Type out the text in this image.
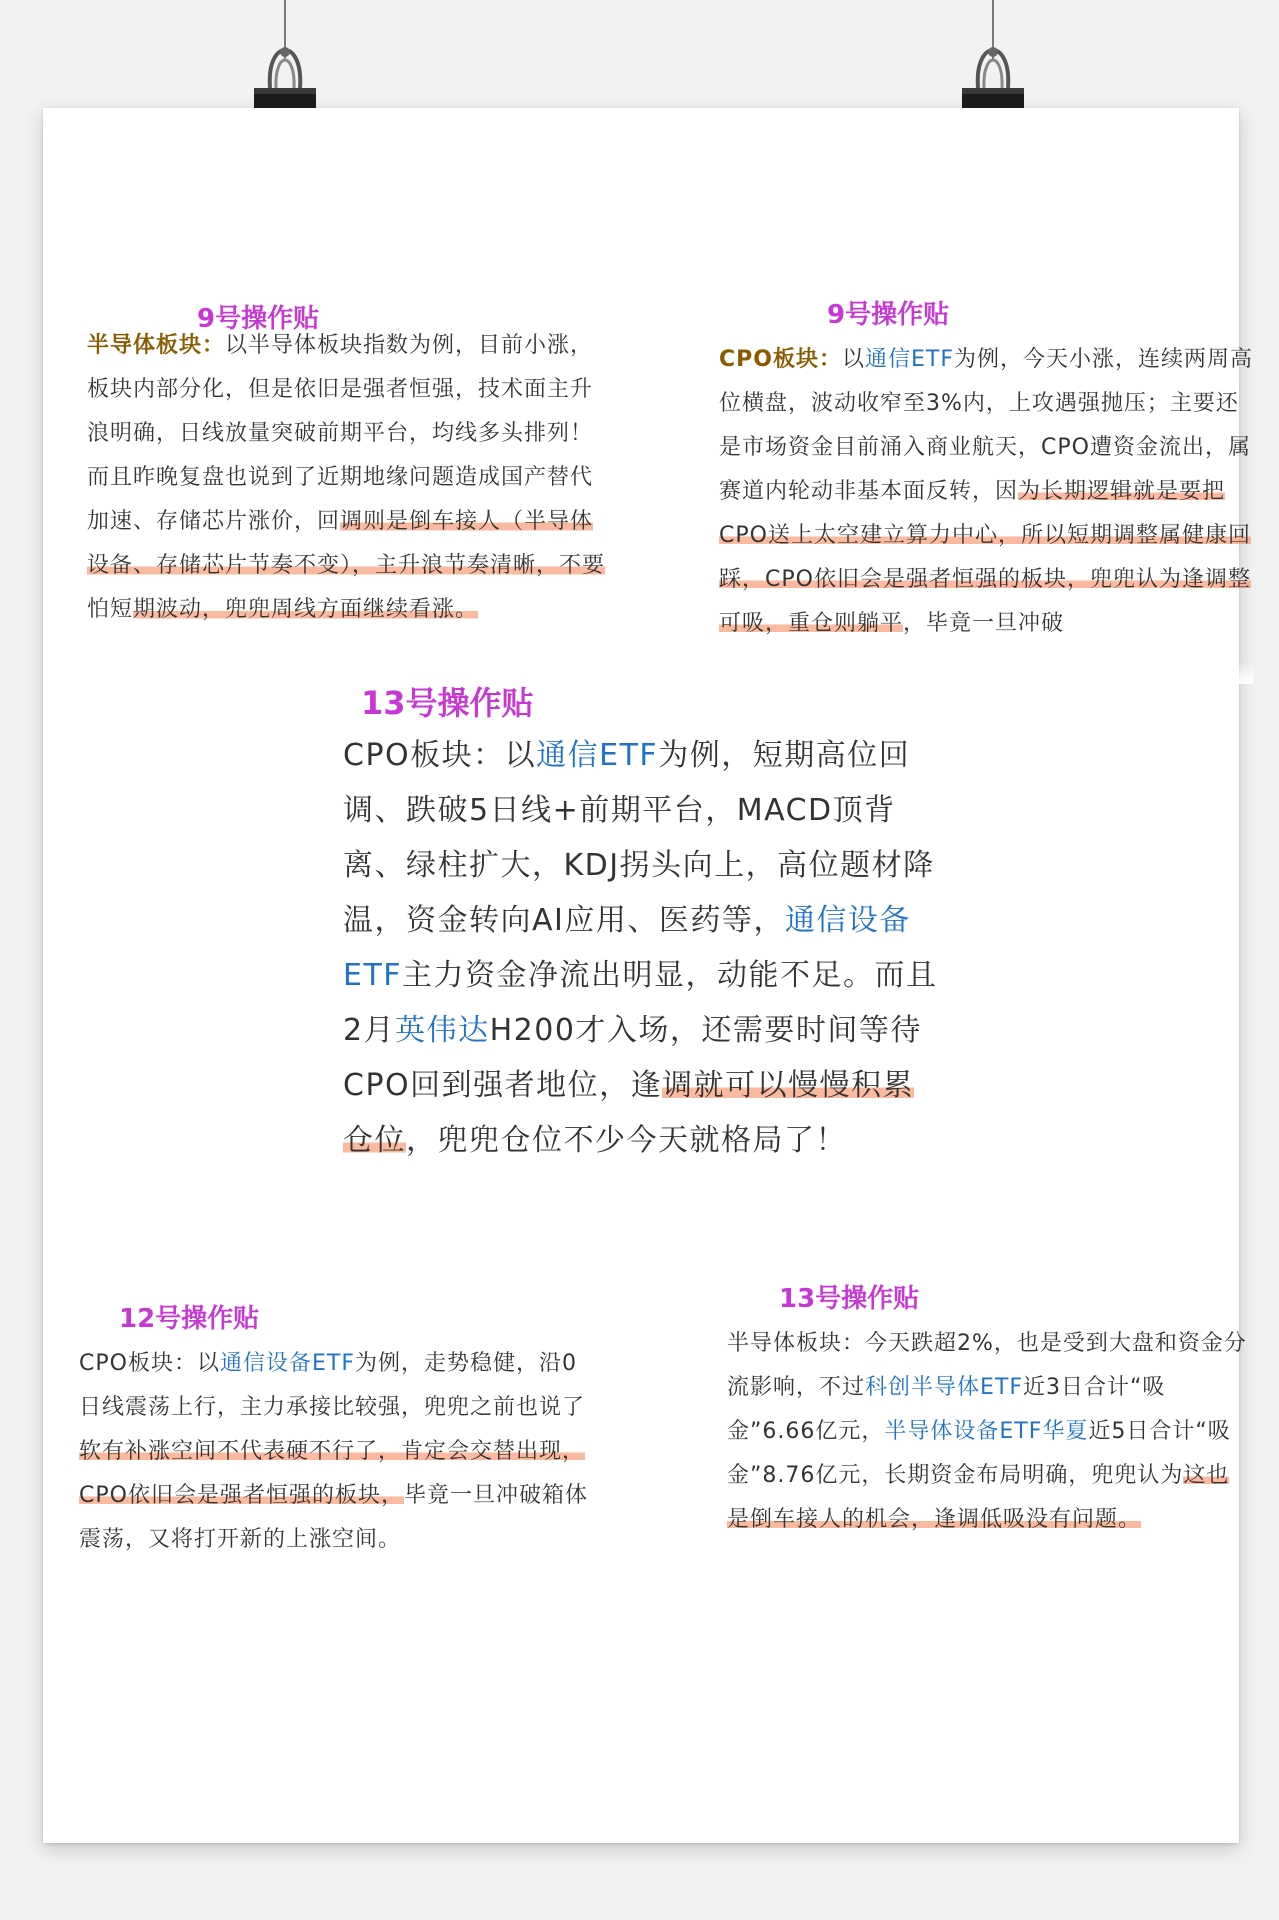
9号操作贴

半导体板块：以半导体板块指数为例，目前小涨，板块内部分化，但是依旧是强者恒强，技术面主升浪明确，日线放量突破前期平台，均线多头排列！而且昨晚复盘也说到了近期地缘问题造成国产替代加速、存储芯片涨价，回调则是倒车接人（半导体设备、存储芯片节奏不变），主升浪节奏清晰，不要怕短期波动，兜兜周线方面继续看涨。

9号操作贴

CPO板块：以通信ETF为例，今天小涨，连续两周高位横盘，波动收窄至3%内，上攻遇强抛压；主要还是市场资金目前涌入商业航天，CPO遭资金流出，属赛道内轮动非基本面反转，因为长期逻辑就是要把CPO送上太空建立算力中心，所以短期调整属健康回踩，CPO依旧会是强者恒强的板块，兜兜认为逢调整可吸，重仓则躺平，毕竟一旦冲破

13号操作贴

CPO板块：以通信ETF为例，短期高位回调、跌破5日线+前期平台，MACD顶背离、绿柱扩大，KDJ拐头向上，高位题材降温，资金转向AI应用、医药等，通信设备ETF主力资金净流出明显，动能不足。而且2月英伟达H200才入场，还需要时间等待CPO回到强者地位，逢调就可以慢慢积累仓位，兜兜仓位不少今天就格局了！

12号操作贴

CPO板块：以通信设备ETF为例，走势稳健，沿0日线震荡上行，主力承接比较强，兜兜之前也说了软有补涨空间不代表硬不行了，肯定会交替出现，CPO依旧会是强者恒强的板块，毕竟一旦冲破箱体震荡，又将打开新的上涨空间。

13号操作贴

半导体板块：今天跌超2%，也是受到大盘和资金分流影响，不过科创半导体ETF近3日合计“吸金”6.66亿元，半导体设备ETF华夏近5日合计“吸金”8.76亿元，长期资金布局明确，兜兜认为这也是倒车接人的机会，逢调低吸没有问题。
